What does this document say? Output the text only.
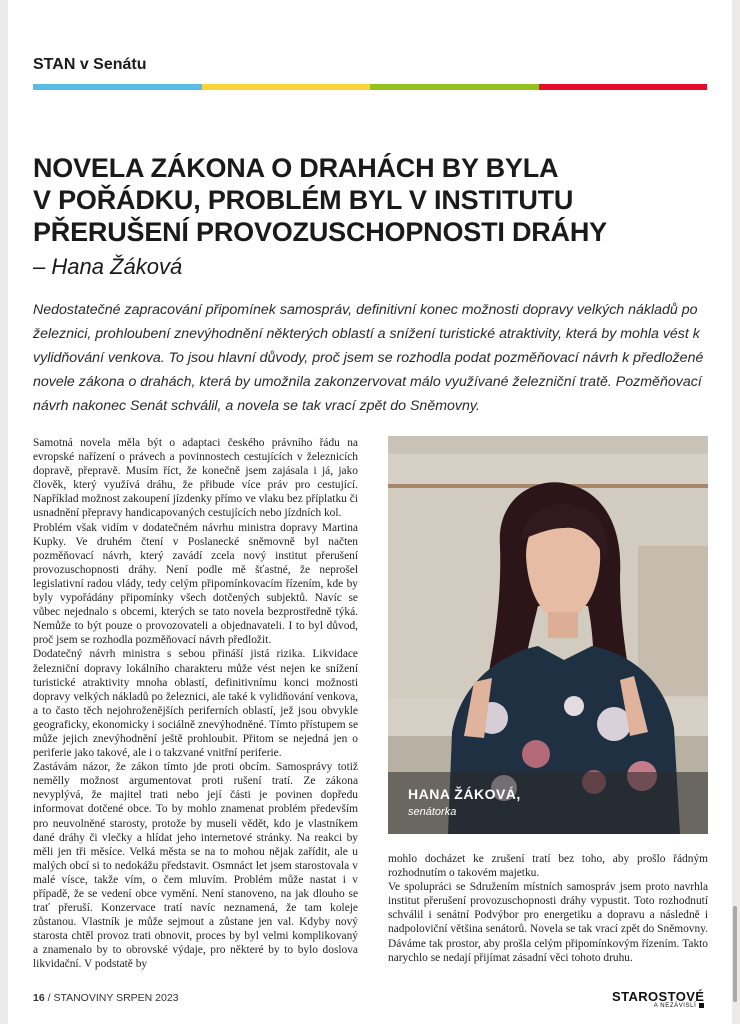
STAN v Senátu
NOVELA ZÁKONA O DRAHÁCH BY BYLA
V POŘÁDKU, PROBLÉM BYL V INSTITUTU
PŘERUŠENÍ PROVOZUSCHOPNOSTI DRÁHY
– Hana Žáková

Nedostatečné zapracování připomínek samospráv, definitivní konec možnosti dopravy velkých nákladů po železnici, prohloubení znevýhodnění některých oblastí a snížení turistické atraktivity, která by mohla vést k vylidňování venkova. To jsou hlavní důvody, proč jsem se rozhodla podat pozměňovací návrh k předložené novele zákona o drahách, která by umožnila zakonzervovat málo využívané železniční tratě. Pozměňovací návrh nakonec Senát schválil, a novela se tak vrací zpět do Sněmovny.

Samotná novela měla být o adaptaci českého právního řádu na evropské nařízení o právech a povinnostech cestujících v železnicích dopravě, přepravě. Musím říct, že konečně jsem zajásala i já, jako člověk, který využívá dráhu, že přibude více práv pro cestující. Například možnost zakoupení jízdenky přímo ve vlaku bez příplatku či usnadnění přepravy handicapovaných cestujících nebo jízdních kol.

Problém však vidím v dodatečném návrhu ministra dopravy Martina Kupky. Ve druhém čtení v Poslanecké sněmovně byl načten pozměňovací návrh, který zavádí zcela nový institut přerušení provozuschopnosti dráhy. Není podle mě šťastné, že neprošel legislativní radou vlády, tedy celým připomínkovacím řízením, kde by byly vypořádány připomínky všech dotčených subjektů. Navíc se vůbec nejednalo s obcemi, kterých se tato novela bezprostředně týká. Nemůže to být pouze o provozovateli a objednavateli. I to byl důvod, proč jsem se rozhodla pozměňovací návrh předložit.

Dodatečný návrh ministra s sebou přináší jistá rizika. Likvidace železniční dopravy lokálního charakteru může vést nejen ke snížení turistické atraktivity mnoha oblastí, definitivnímu konci možnosti dopravy velkých nákladů po železnici, ale také k vylidňování venkova, a to často těch nejohroženějších periferních oblastí, jež jsou obvykle geograficky, ekonomicky i sociálně znevýhodněné. Tímto přístupem se může jejich znevýhodnění ještě prohloubit. Přitom se nejedná jen o periferie jako takové, ale i o takzvané vnitřní periferie.

Zastávám názor, že zákon tímto jde proti obcím. Samosprávy totiž nemělly možnost argumentovat proti rušení tratí. Ze zákona nevyplývá, že majitel trati nebo její části je povinen dopředu informovat dotčené obce. To by mohlo znamenat problém především pro neuvolněné starosty, protože by museli vědět, kdo je vlastníkem dané dráhy či vlečky a hlídat jeho internetové stránky. Na reakci by měli jen tři měsíce. Velká města se na to mohou nějak zařídit, ale u malých obcí si to nedokážu představit. Osmnáct let jsem starostovala v malé vísce, takže vím, o čem mluvím. Problém může nastat i v případě, že se vedení obce vymění. Není stanoveno, na jak dlouho se trať přeruší. Konzervace tratí navíc neznamená, že tam koleje zůstanou. Vlastník je může sejmout a zůstane jen val. Kdyby nový starosta chtěl provoz trati obnovit, proces by byl velmi komplikovaný a znamenalo by to obrovské výdaje, pro některé by to bylo doslova likvidační. V podstatě by

HANA ŽÁKOVÁ,
senátorka

mohlo docházet ke zrušení tratí bez toho, aby prošlo řádným rozhodnutím o takovém majetku.

Ve spolupráci se Sdružením místních samospráv jsem proto navrhla institut přerušení provozuschopnosti dráhy vypustit. Toto rozhodnutí schválil i senátní Podvýbor pro energetiku a dopravu a následně i nadpoloviční většina senátorů. Novela se tak vrací zpět do Sněmovny. Dáváme tak prostor, aby prošla celým připomínkovým řízením. Takto narychlo se nedají přijímat zásadní věci tohoto druhu.

16 / STANOVINY SRPEN 2023	STAROSTOVÉ
A NEZÁVISLÍ
